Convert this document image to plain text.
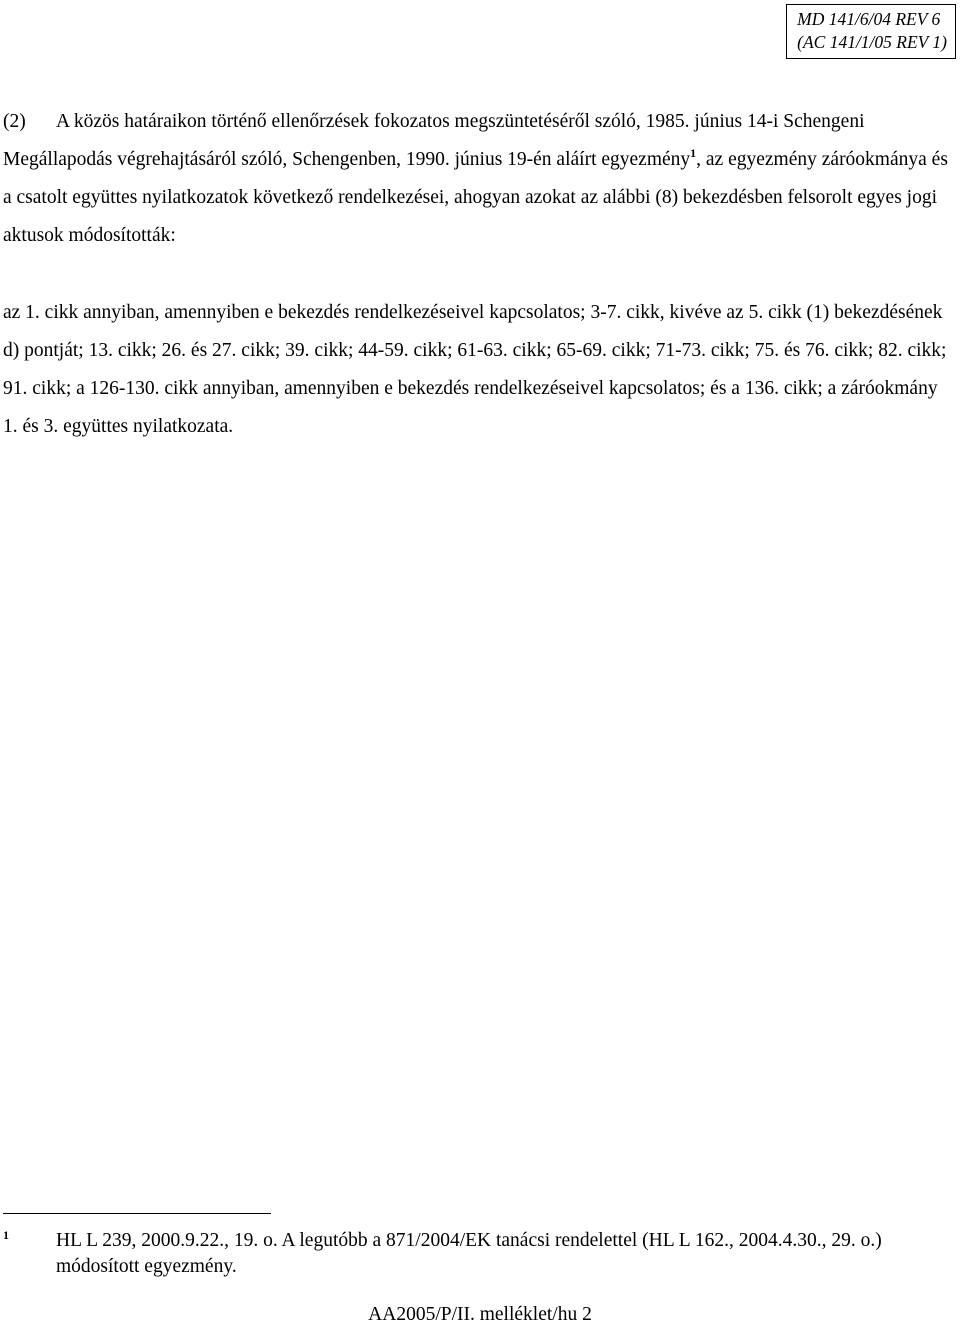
MD 141/6/04 REV 6
(AC 141/1/05 REV 1)

(2) A közös határaikon történő ellenőrzések fokozatos megszüntetéséről szóló, 1985. június 14-i Schengeni Megállapodás végrehajtásáról szóló, Schengenben, 1990. június 19-én aláírt egyezmény$^1$, az egyezmény záróokmánya és a csatolt együttes nyilatkozatok következő rendelkezései, ahogyan azokat az alábbi (8) bekezdésben felsorolt egyes jogi aktusok módosították:

az 1. cikk annyiban, amennyiben e bekezdés rendelkezéseivel kapcsolatos; 3-7. cikk, kivéve az 5. cikk (1) bekezdésének d) pontját; 13. cikk; 26. és 27. cikk; 39. cikk; 44-59. cikk; 61-63. cikk; 65-69. cikk; 71-73. cikk; 75. és 76. cikk; 82. cikk; 91. cikk; a 126-130. cikk annyiban, amennyiben e bekezdés rendelkezéseivel kapcsolatos; és a 136. cikk; a záróokmány 1. és 3. együttes nyilatkozata.

1 HL L 239, 2000.9.22., 19. o. A legutóbb a 871/2004/EK tanácsi rendelettel (HL L 162., 2004.4.30., 29. o.) módosított egyezmény.
AA2005/P/II. melléklet/hu 2
